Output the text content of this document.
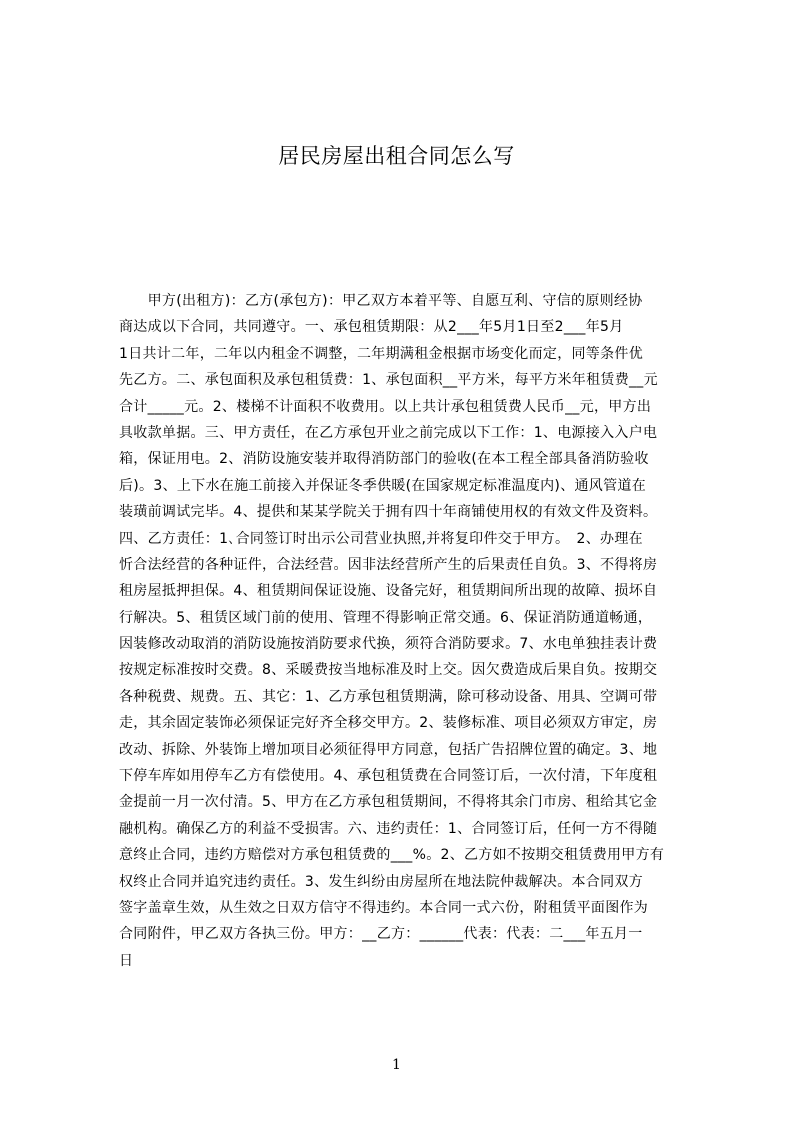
居民房屋出租合同怎么写
　　甲方(出租方)：乙方(承包方)：甲乙双方本着平等、自愿互利、守信的原则经协
商达成以下合同，共同遵守。一、承包租赁期限：从2___年5月1日至2___年5月
1日共计二年，二年以内租金不调整，二年期满租金根据市场变化而定，同等条件优
先乙方。二、承包面积及承包租赁费：1、承包面积__平方米，每平方米年租赁费__元
合计_____元。2、楼梯不计面积不收费用。以上共计承包租赁费人民币__元，甲方出
具收款单据。三、甲方责任，在乙方承包开业之前完成以下工作：1、电源接入入户电
箱，保证用电。2、消防设施安装并取得消防部门的验收(在本工程全部具备消防验收
后)。3、上下水在施工前接入并保证冬季供暖(在国家规定标准温度内)、通风管道在
装璜前调试完毕。4、提供和某某学院关于拥有四十年商铺使用权的有效文件及资料。
四、乙方责任：1､合同签订时出示公司营业执照,并将复印件交于甲方。　2、办理在
忻合法经营的各种证件，合法经营。因非法经营所产生的后果责任自负。3、不得将房
租房屋抵押担保。4、租赁期间保证设施、设备完好，租赁期间所出现的故障、损坏自
行解决。5、租赁区域门前的使用、管理不得影响正常交通。6、保证消防通道畅通，
因装修改动取消的消防设施按消防要求代换，须符合消防要求。7、水电单独挂表计费
按规定标准按时交费。8、采暖费按当地标准及时上交。因欠费造成后果自负。按期交
各种税费、规费。五、其它：1、乙方承包租赁期满，除可移动设备、用具、空调可带
走，其余固定装饰必须保证完好齐全移交甲方。2、装修标准、项目必须双方审定，房
改动、拆除、外装饰上增加项目必须征得甲方同意，包括广告招牌位置的确定。3、地
下停车库如用停车乙方有偿使用。4、承包租赁费在合同签订后，一次付清，下年度租
金提前一月一次付清。5、甲方在乙方承包租赁期间，不得将其余门市房、租给其它金
融机构。确保乙方的利益不受损害。六、违约责任：1、合同签订后，任何一方不得随
意终止合同，违约方赔偿对方承包租赁费的___%。2、乙方如不按期交租赁费用甲方有
权终止合同并追究违约责任。3、发生纠纷由房屋所在地法院仲裁解决。本合同双方
签字盖章生效，从生效之日双方信守不得违约。本合同一式六份，附租赁平面图作为
合同附件，甲乙双方各执三份。甲方：__乙方：______代表：代表：二___年五月一
日
1
